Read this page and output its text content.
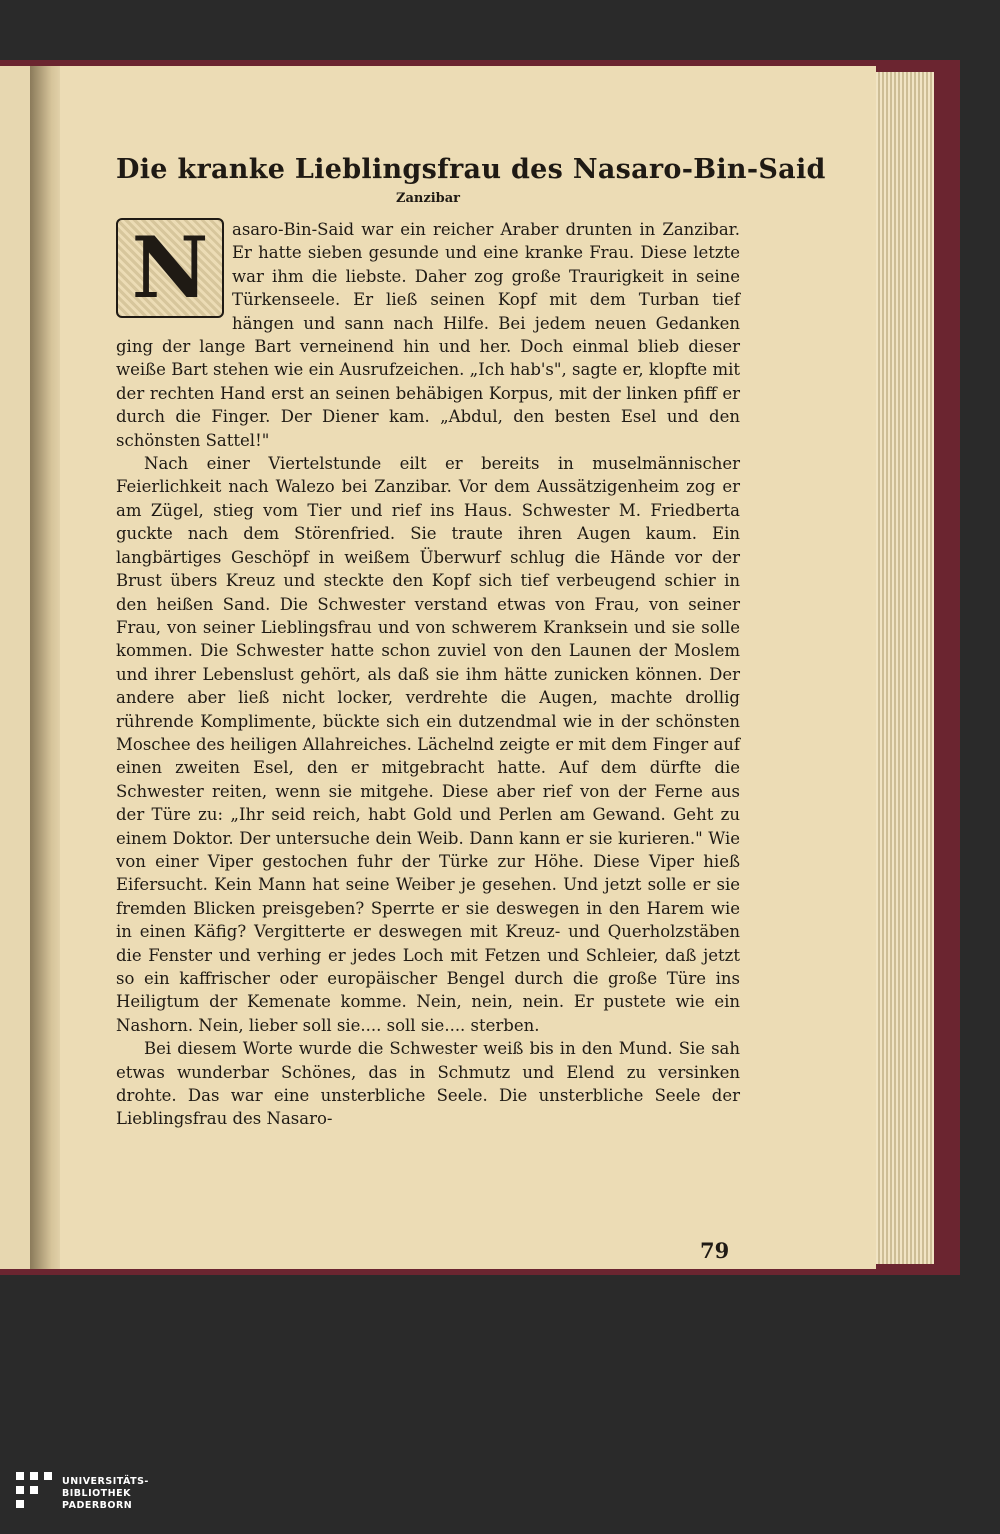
Die kranke Lieblingsfrau des Nasaro-Bin-Said
Zanzibar

N	asaro-Bin-Said war ein reicher Araber drunten in Zanzibar. Er hatte sieben gesunde und eine kranke Frau. Diese letzte war ihm die liebste. Daher zog große Traurigkeit in seine Türkenseele. Er ließ seinen Kopf mit dem Turban tief hängen und sann nach Hilfe. Bei jedem neuen Gedanken ging der lange Bart verneinend hin und her. Doch einmal blieb dieser weiße Bart stehen wie ein Ausrufzeichen. „Ich hab's", sagte er, klopfte mit der rechten Hand erst an seinen behäbigen Korpus, mit der linken pfiff er durch die Finger. Der Diener kam. „Abdul, den besten Esel und den schönsten Sattel!"

Nach einer Viertelstunde eilt er bereits in muselmännischer Feierlichkeit nach Walezo bei Zanzibar. Vor dem Aussätzigenheim zog er am Zügel, stieg vom Tier und rief ins Haus. Schwester M. Friedberta guckte nach dem Störenfried. Sie traute ihren Augen kaum. Ein langbärtiges Geschöpf in weißem Überwurf schlug die Hände vor der Brust übers Kreuz und steckte den Kopf sich tief verbeugend schier in den heißen Sand. Die Schwester verstand etwas von Frau, von seiner Frau, von seiner Lieblingsfrau und von schwerem Kranksein und sie solle kommen. Die Schwester hatte schon zuviel von den Launen der Moslem und ihrer Lebenslust gehört, als daß sie ihm hätte zunicken können. Der andere aber ließ nicht locker, verdrehte die Augen, machte drollig rührende Komplimente, bückte sich ein dutzendmal wie in der schönsten Moschee des heiligen Allahreiches. Lächelnd zeigte er mit dem Finger auf einen zweiten Esel, den er mitgebracht hatte. Auf dem dürfte die Schwester reiten, wenn sie mitgehe. Diese aber rief von der Ferne aus der Türe zu: „Ihr seid reich, habt Gold und Perlen am Gewand. Geht zu einem Doktor. Der untersuche dein Weib. Dann kann er sie kurieren." Wie von einer Viper gestochen fuhr der Türke zur Höhe. Diese Viper hieß Eifersucht. Kein Mann hat seine Weiber je gesehen. Und jetzt solle er sie fremden Blicken preisgeben? Sperrte er sie deswegen in den Harem wie in einen Käfig? Vergitterte er deswegen mit Kreuz- und Querholzstäben die Fenster und verhing er jedes Loch mit Fetzen und Schleier, daß jetzt so ein kaffrischer oder europäischer Bengel durch die große Türe ins Heiligtum der Kemenate komme. Nein, nein, nein. Er pustete wie ein Nashorn. Nein, lieber soll sie.... soll sie.... sterben.

Bei diesem Worte wurde die Schwester weiß bis in den Mund. Sie sah etwas wunderbar Schönes, das in Schmutz und Elend zu versinken drohte. Das war eine unsterbliche Seele. Die unsterbliche Seele der Lieblingsfrau des Nasaro-

79
UNIVERSITÄTS-
BIBLIOTHEK
PADERBORN
